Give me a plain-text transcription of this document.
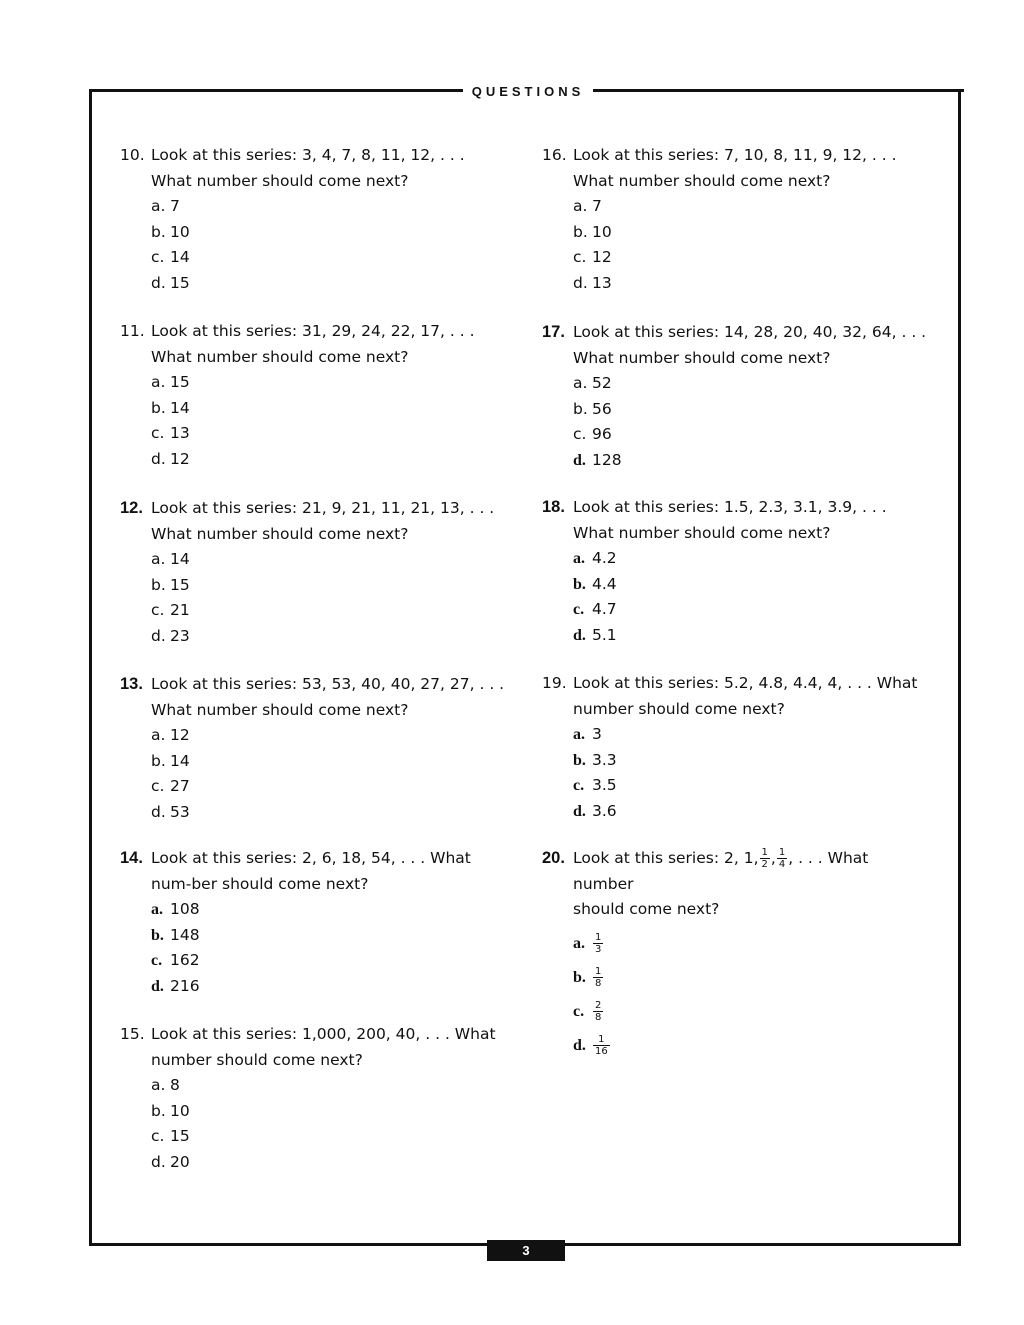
QUESTIONS
10. Look at this series: 3, 4, 7, 8, 11, 12, . . . What number should come next?
a. 7
b. 10
c. 14
d. 15
11. Look at this series: 31, 29, 24, 22, 17, . . . What number should come next?
a. 15
b. 14
c. 13
d. 12
12. Look at this series: 21, 9, 21, 11, 21, 13, . . . What number should come next?
a. 14
b. 15
c. 21
d. 23
13. Look at this series: 53, 53, 40, 40, 27, 27, . . . What number should come next?
a. 12
b. 14
c. 27
d. 53
14. Look at this series: 2, 6, 18, 54, . . . What num-ber should come next?
a. 108
b. 148
c. 162
d. 216
15. Look at this series: 1,000, 200, 40, . . . What number should come next?
a. 8
b. 10
c. 15
d. 20
16. Look at this series: 7, 10, 8, 11, 9, 12, . . . What number should come next?
a. 7
b. 10
c. 12
d. 13
17. Look at this series: 14, 28, 20, 40, 32, 64, . . . What number should come next?
a. 52
b. 56
c. 96
d. 128
18. Look at this series: 1.5, 2.3, 3.1, 3.9, . . . What number should come next?
a. 4.2
b. 4.4
c. 4.7
d. 5.1
19. Look at this series: 5.2, 4.8, 4.4, 4, . . . What number should come next?
a. 3
b. 3.3
c. 3.5
d. 3.6
20. Look at this series: 2, 1, $\frac{1}{2}$ , $\frac{1}{4}$ , . . . What number
should come next?
a. $\frac{1}{3}$
b. $\frac{1}{8}$
c. $\frac{2}{8}$
d. $\frac{1}{16}$
3
